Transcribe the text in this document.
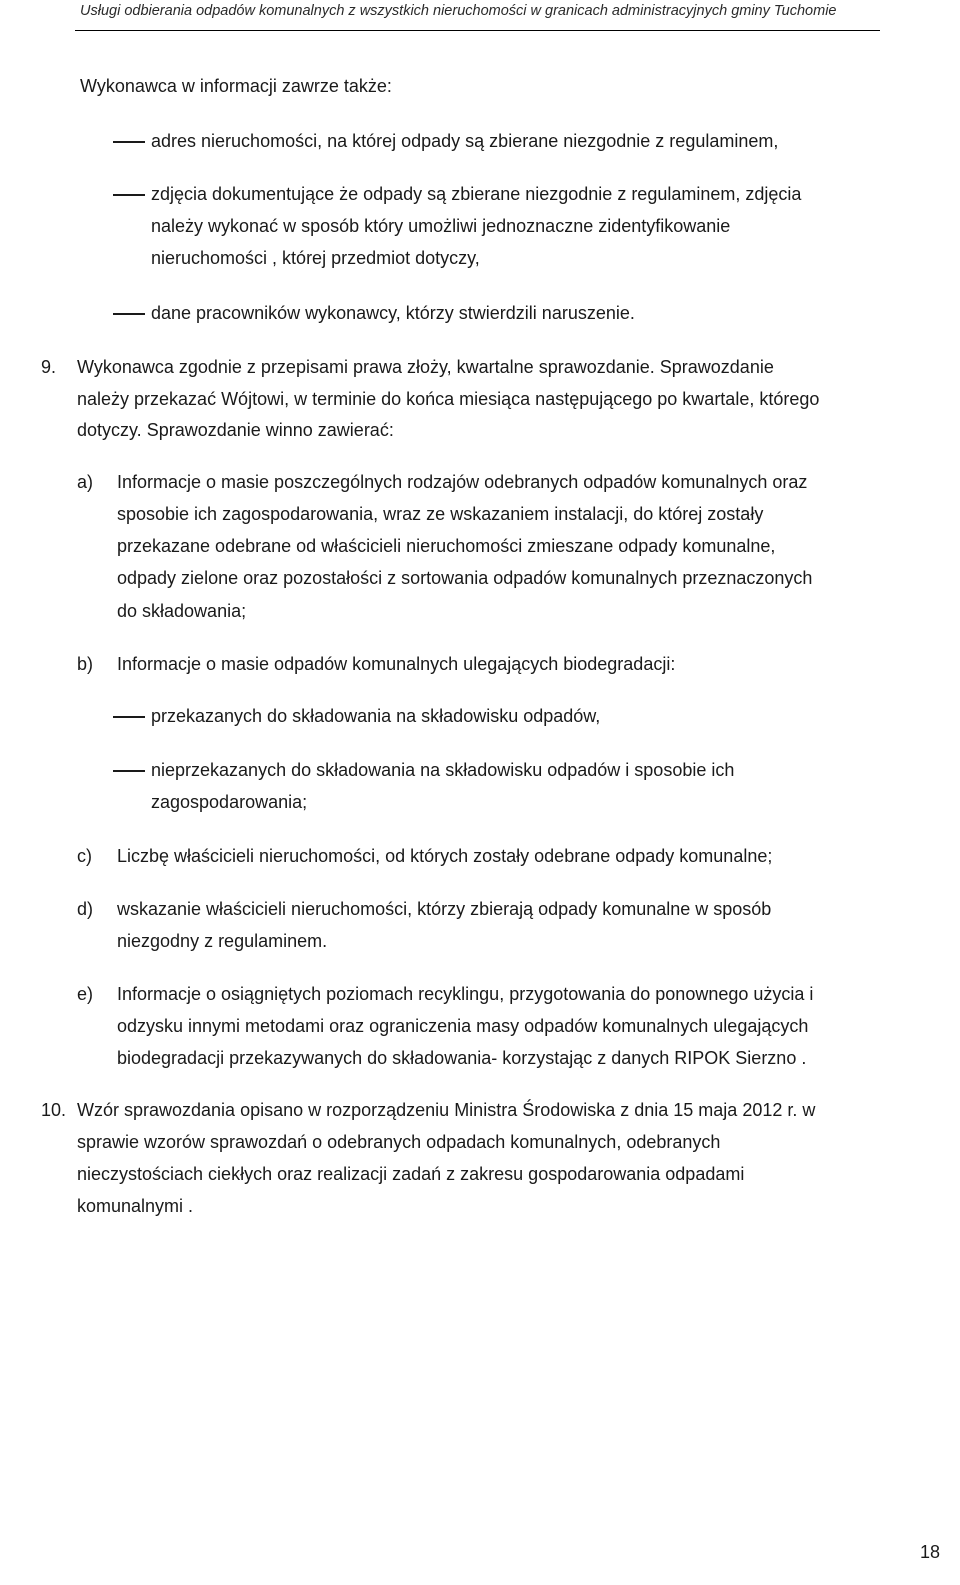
Usługi odbierania odpadów komunalnych z wszystkich nieruchomości w granicach administracyjnych gminy Tuchomie
Wykonawca w informacji zawrze także:
adres nieruchomości, na której odpady są zbierane niezgodnie z regulaminem,
zdjęcia dokumentujące że odpady są zbierane niezgodnie z regulaminem, zdjęcia
należy wykonać w sposób który umożliwi jednoznaczne zidentyfikowanie
nieruchomości , której przedmiot dotyczy,
dane pracowników wykonawcy, którzy stwierdzili naruszenie.
9. Wykonawca zgodnie z przepisami prawa złoży, kwartalne sprawozdanie. Sprawozdanie
należy przekazać Wójtowi, w terminie do końca miesiąca następującego po kwartale, którego
dotyczy. Sprawozdanie winno zawierać:
a) Informacje o masie poszczególnych rodzajów odebranych odpadów komunalnych oraz
sposobie ich zagospodarowania, wraz ze wskazaniem instalacji, do której zostały
przekazane odebrane od właścicieli nieruchomości zmieszane odpady komunalne,
odpady zielone oraz pozostałości z sortowania odpadów komunalnych przeznaczonych
do składowania;
b) Informacje o masie odpadów komunalnych ulegających biodegradacji:
przekazanych do składowania na składowisku odpadów,
nieprzekazanych do składowania na składowisku odpadów i sposobie ich
zagospodarowania;
c) Liczbę właścicieli nieruchomości, od których zostały odebrane odpady komunalne;
d) wskazanie właścicieli nieruchomości, którzy zbierają odpady komunalne w sposób
niezgodny z regulaminem.
e) Informacje o osiągniętych poziomach recyklingu, przygotowania do ponownego użycia i
odzysku innymi metodami oraz ograniczenia masy odpadów komunalnych ulegających
biodegradacji przekazywanych do składowania- korzystając z danych RIPOK Sierzno .
10. Wzór sprawozdania opisano w rozporządzeniu Ministra Środowiska z dnia 15 maja 2012 r. w
sprawie wzorów sprawozdań o odebranych odpadach komunalnych, odebranych
nieczystościach ciekłych oraz realizacji zadań z zakresu gospodarowania odpadami
komunalnymi .
18
